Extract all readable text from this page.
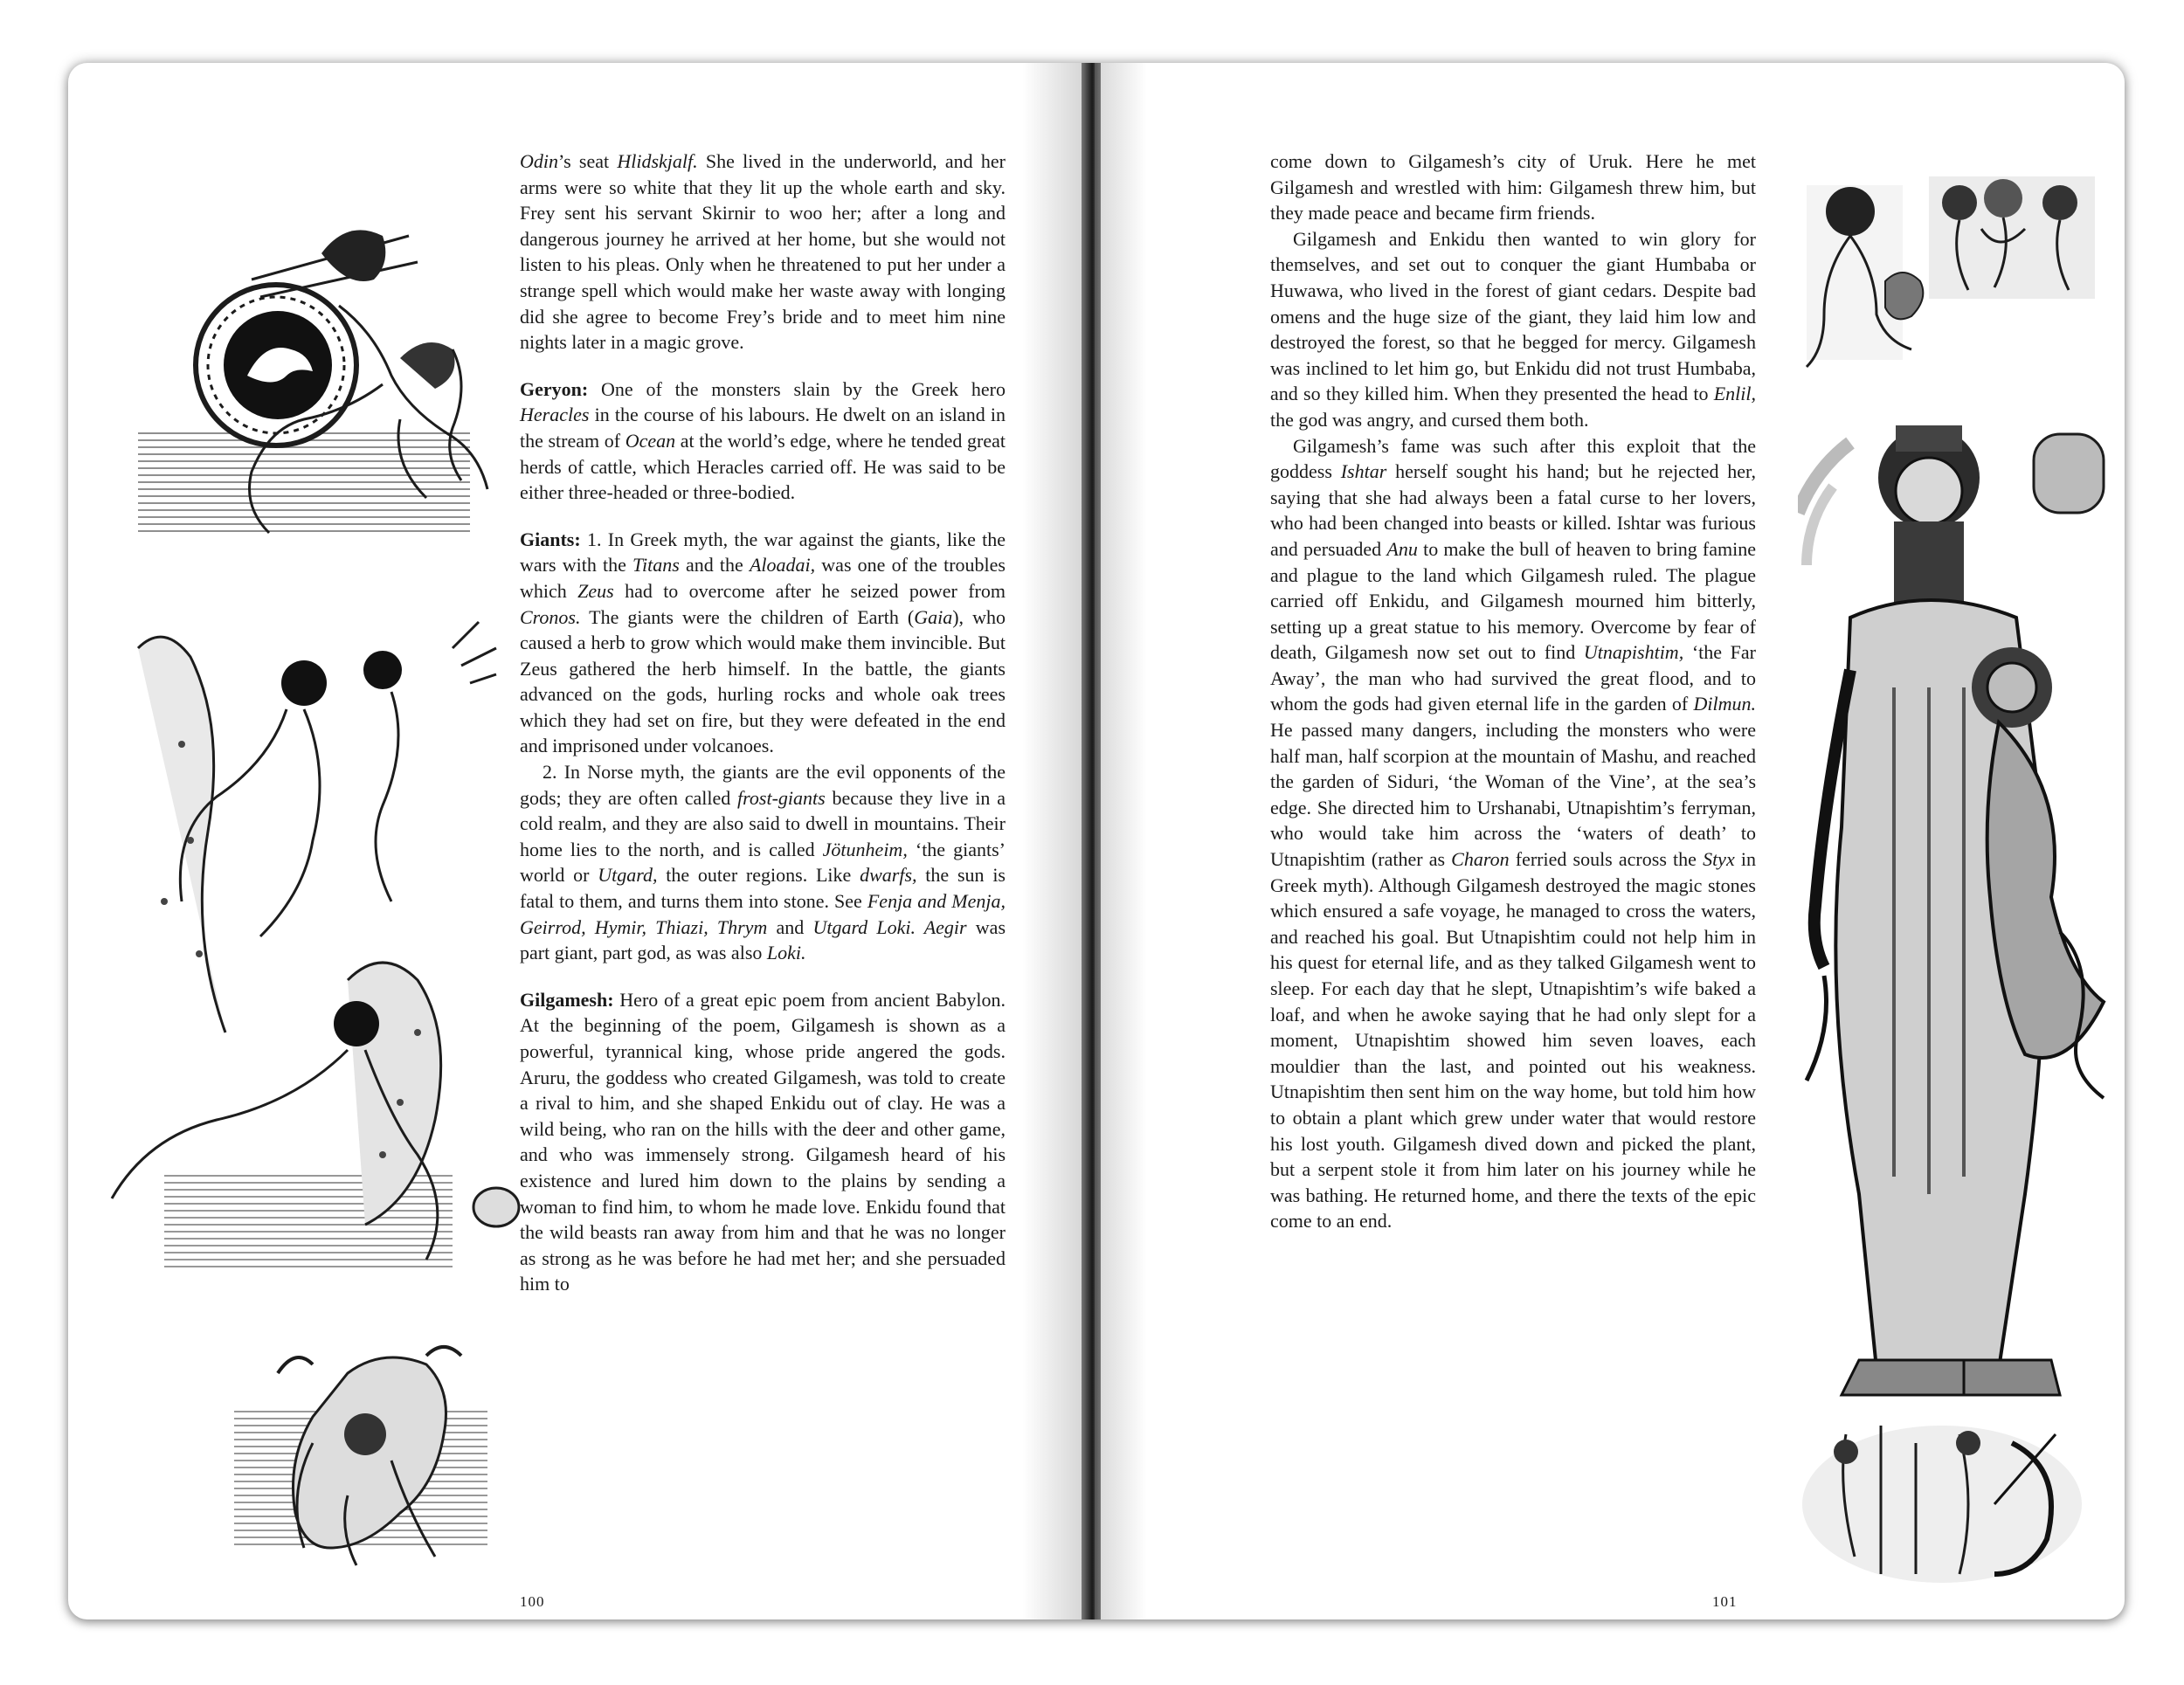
Odin’s seat Hlidskjalf. She lived in the underworld, and her arms were so white that they lit up the whole earth and sky. Frey sent his servant Skirnir to woo her; after a long and dangerous journey he arrived at her home, but she would not listen to his pleas. Only when he threatened to put her under a strange spell which would make her waste away with longing did she agree to become Frey’s bride and to meet him nine nights later in a magic grove.

Geryon: One of the monsters slain by the Greek hero Heracles in the course of his labours. He dwelt on an island in the stream of Ocean at the world’s edge, where he tended great herds of cattle, which Heracles carried off. He was said to be either three-headed or three-bodied.

Giants: 1. In Greek myth, the war against the giants, like the wars with the Titans and the Aloadai, was one of the troubles which Zeus had to overcome after he seized power from Cronos. The giants were the children of Earth (Gaia), who caused a herb to grow which would make them invincible. But Zeus gathered the herb himself. In the battle, the giants advanced on the gods, hurling rocks and whole oak trees which they had set on fire, but they were defeated in the end and imprisoned under volcanoes.

2. In Norse myth, the giants are the evil opponents of the gods; they are often called frost-giants because they live in a cold realm, and they are also said to dwell in mountains. Their home lies to the north, and is called Jötunheim, ‘the giants’ world or Utgard, the outer regions. Like dwarfs, the sun is fatal to them, and turns them into stone. See Fenja and Menja, Geirrod, Hymir, Thiazi, Thrym and Utgard Loki. Aegir was part giant, part god, as was also Loki.

Gilgamesh: Hero of a great epic poem from ancient Babylon. At the beginning of the poem, Gilgamesh is shown as a powerful, tyrannical king, whose pride angered the gods. Aruru, the goddess who created Gilgamesh, was told to create a rival to him, and she shaped Enkidu out of clay. He was a wild being, who ran on the hills with the deer and other game, and who was immensely strong. Gilgamesh heard of his existence and lured him down to the plains by sending a woman to find him, to whom he made love. Enkidu found that the wild beasts ran away from him and that he was no longer as strong as he was before he had met her; and she persuaded him to

100

come down to Gilgamesh’s city of Uruk. Here he met Gilgamesh and wrestled with him: Gilgamesh threw him, but they made peace and became firm friends.

Gilgamesh and Enkidu then wanted to win glory for themselves, and set out to conquer the giant Humbaba or Huwawa, who lived in the forest of giant cedars. Despite bad omens and the huge size of the giant, they laid him low and destroyed the forest, so that he begged for mercy. Gilgamesh was inclined to let him go, but Enkidu did not trust Humbaba, and so they killed him. When they presented the head to Enlil, the god was angry, and cursed them both.

Gilgamesh’s fame was such after this exploit that the goddess Ishtar herself sought his hand; but he rejected her, saying that she had always been a fatal curse to her lovers, who had been changed into beasts or killed. Ishtar was furious and persuaded Anu to make the bull of heaven to bring famine and plague to the land which Gilgamesh ruled. The plague carried off Enkidu, and Gilgamesh mourned him bitterly, setting up a great statue to his memory. Overcome by fear of death, Gilgamesh now set out to find Utnapishtim, ‘the Far Away’, the man who had survived the great flood, and to whom the gods had given eternal life in the garden of Dilmun. He passed many dangers, including the monsters who were half man, half scorpion at the mountain of Mashu, and reached the garden of Siduri, ‘the Woman of the Vine’, at the sea’s edge. She directed him to Urshanabi, Utnapishtim’s ferryman, who would take him across the ‘waters of death’ to Utnapishtim (rather as Charon ferried souls across the Styx in Greek myth). Although Gilgamesh destroyed the magic stones which ensured a safe voyage, he managed to cross the waters, and reached his goal. But Utnapishtim could not help him in his quest for eternal life, and as they talked Gilgamesh went to sleep. For each day that he slept, Utnapishtim’s wife baked a loaf, and when he awoke saying that he had only slept for a moment, Utnapishtim showed him seven loaves, each mouldier than the last, and pointed out his weakness. Utnapishtim then sent him on the way home, but told him how to obtain a plant which grew under water that would restore his lost youth. Gilgamesh dived down and picked the plant, but a serpent stole it from him later on his journey while he was bathing. He returned home, and there the texts of the epic come to an end.

101
